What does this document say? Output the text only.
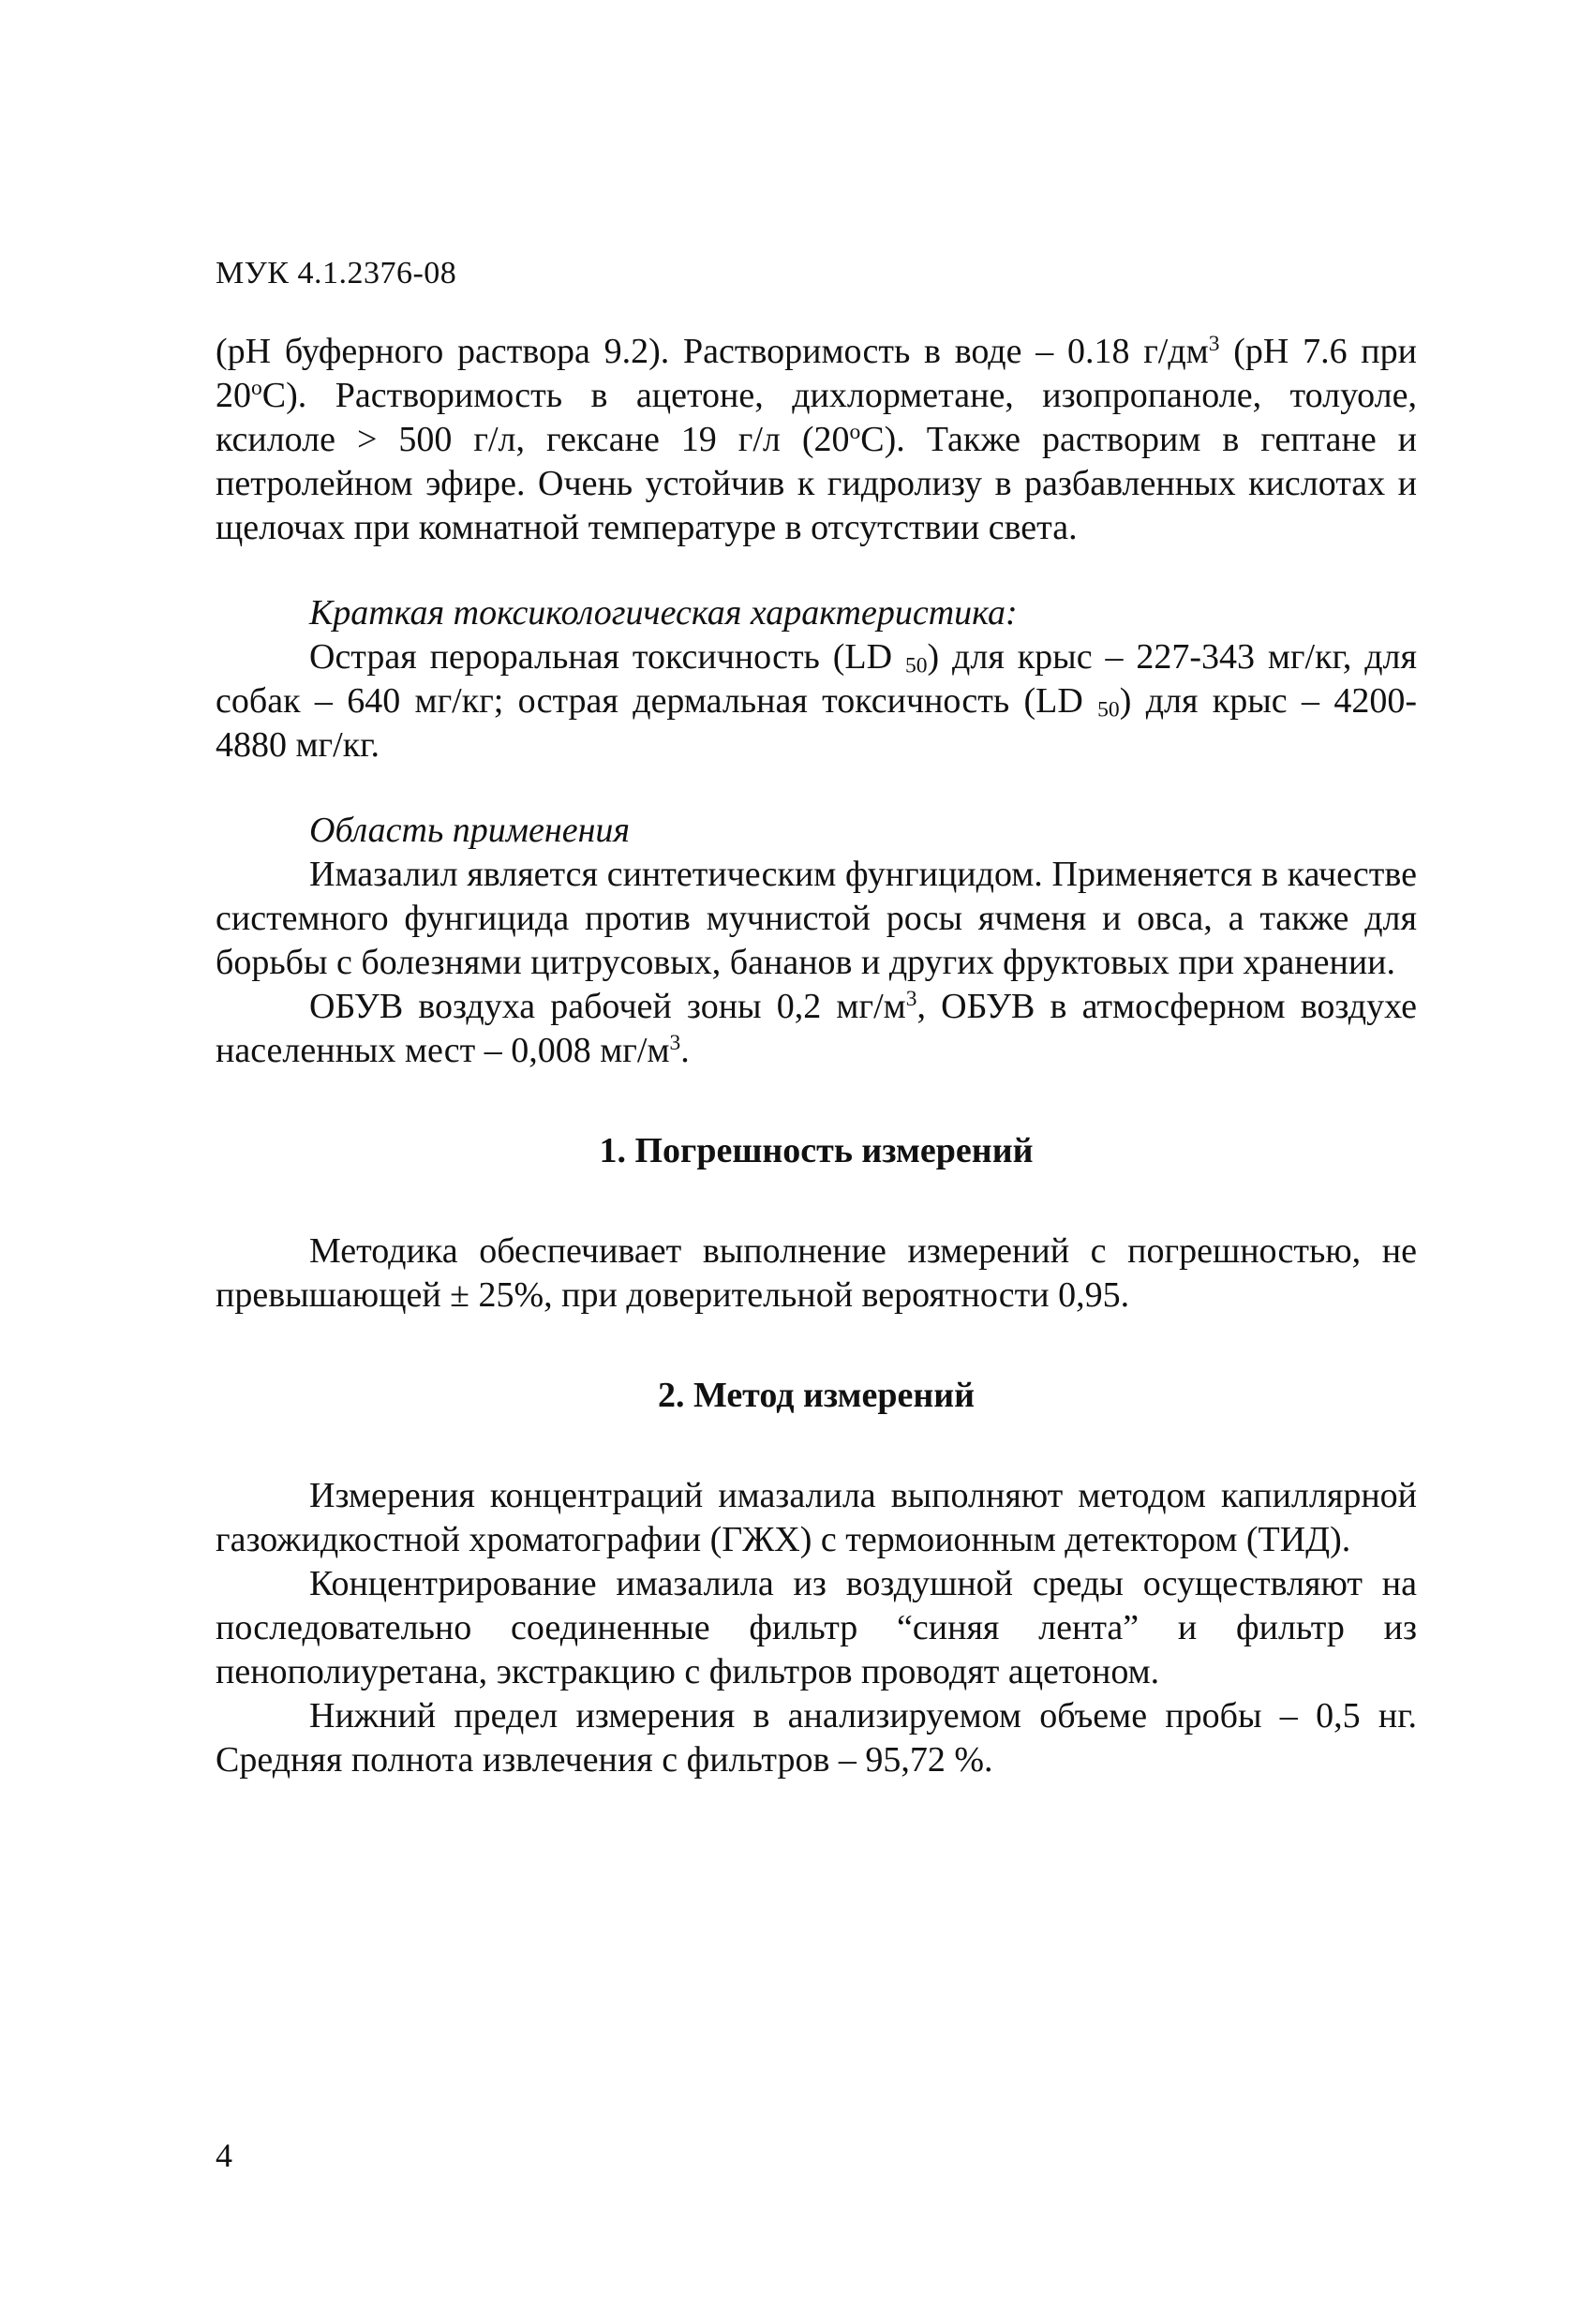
МУК 4.1.2376-08

(pH буферного раствора 9.2). Растворимость в воде – 0.18 $г/дм^3$ (pH 7.6 при $20^оС$). Растворимость в ацетоне, дихлорметане, изопропаноле, толуоле, ксилоле > 500 г/л, гексане 19 г/л $(20^оС)$. Также растворим в гептане и петролейном эфире. Очень устойчив к гидролизу в разбавленных кислотах и щелочах при комнатной температуре в отсутствии света.

Краткая токсикологическая характеристика:

Острая пероральная токсичность (LD $_{50}$) для крыс – 227-343 мг/кг, для собак – 640 мг/кг; острая дермальная токсичность (LD $_{50}$) для крыс – 4200-4880 мг/кг.

Область применения

Имазалил является синтетическим фунгицидом. Применяется в качестве системного фунгицида против мучнистой росы ячменя и овса, а также для борьбы с болезнями цитрусовых, бананов и других фруктовых при хранении.

ОБУВ воздуха рабочей зоны 0,2 $мг/м^3$, ОБУВ в атмосферном воздухе населенных мест – 0,008 $мг/м^3$.

1. Погрешность измерений

Методика обеспечивает выполнение измерений с погрешностью, не превышающей ± 25%, при доверительной вероятности 0,95.

2. Метод измерений

Измерения концентраций имазалила выполняют методом капиллярной газожидкостной хроматографии (ГЖХ) с термоионным детектором (ТИД).

Концентрирование имазалила из воздушной среды осуществляют на последовательно соединенные фильтр “синяя лента” и фильтр из пенополиуретана, экстракцию с фильтров проводят ацетоном.

Нижний предел измерения в анализируемом объеме пробы – 0,5 нг. Средняя полнота извлечения с фильтров – 95,72 %.

4
